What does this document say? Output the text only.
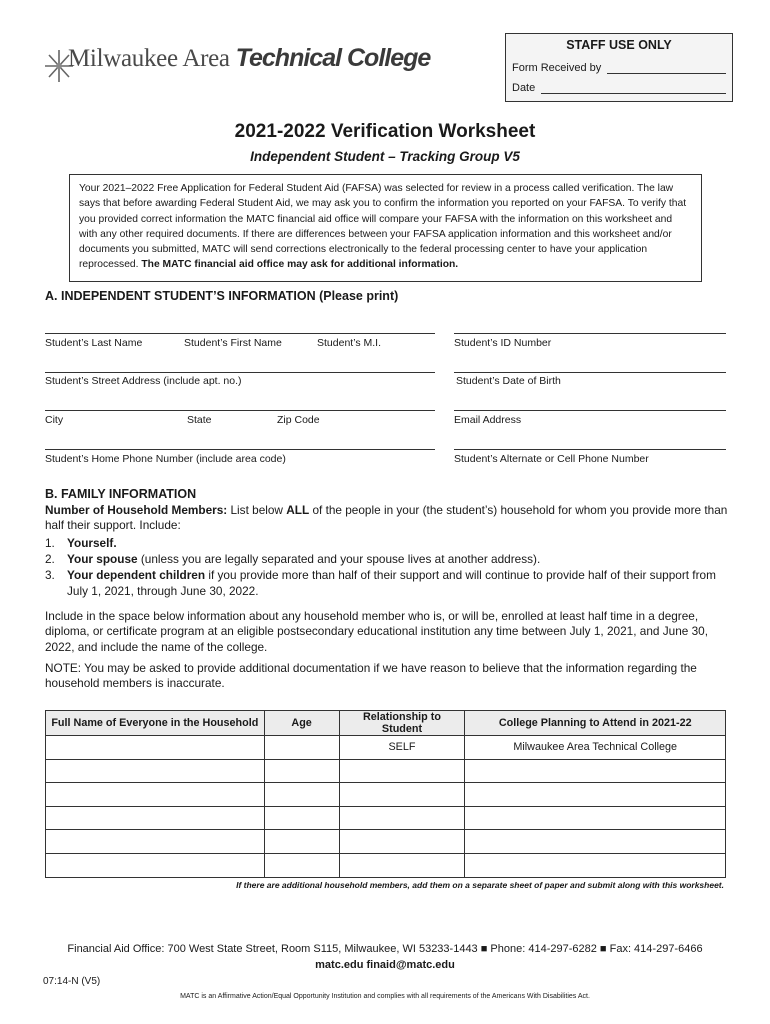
Milwaukee Area Technical College	STAFF USE ONLY
Form Received by
Date
2021-2022 Verification Worksheet
Independent Student – Tracking Group V5
Your 2021–2022 Free Application for Federal Student Aid (FAFSA) was selected for review in a process called verification. The law says that before awarding Federal Student Aid, we may ask you to confirm the information you reported on your FAFSA. To verify that you provided correct information the MATC financial aid office will compare your FAFSA with the information on this worksheet and with any other required documents. If there are differences between your FAFSA application information and this worksheet and/or documents you submitted, MATC will send corrections electronically to the federal processing center to have your application reprocessed. The MATC financial aid office may ask for additional information.
A. INDEPENDENT STUDENT’S INFORMATION (Please print)
Student’s Last Name	Student’s First Name	Student’s M.I.	Student’s ID Number
Student’s Street Address (include apt. no.)	Student’s Date of Birth
City	State	Zip Code	Email Address
Student’s Home Phone Number (include area code)	Student’s Alternate or Cell Phone Number
B. FAMILY INFORMATION
Number of Household Members: List below ALL of the people in your (the student’s) household for whom you provide more than half their support. Include:
1.	Yourself.
2.	Your spouse (unless you are legally separated and your spouse lives at another address).
3.	Your dependent children if you provide more than half of their support and will continue to provide half of their support from July 1, 2021, through June 30, 2022.
Include in the space below information about any household member who is, or will be, enrolled at least half time in a degree, diploma, or certificate program at an eligible postsecondary educational institution any time between July 1, 2021, and June 30, 2022, and include the name of the college.
NOTE: You may be asked to provide additional documentation if we have reason to believe that the information regarding the household members is inaccurate.
Full Name of Everyone in the Household	Age	Relationship to Student	College Planning to Attend in 2021-22
		SELF	Milwaukee Area Technical College

If there are additional household members, add them on a separate sheet of paper and submit along with this worksheet.
Financial Aid Office: 700 West State Street, Room S115, Milwaukee, WI 53233-1443 ■ Phone: 414-297-6282 ■ Fax: 414-297-6466
matc.edu finaid@matc.edu
07:14-N (V5)
MATC is an Affirmative Action/Equal Opportunity Institution and complies with all requirements of the Americans With Disabilities Act.
